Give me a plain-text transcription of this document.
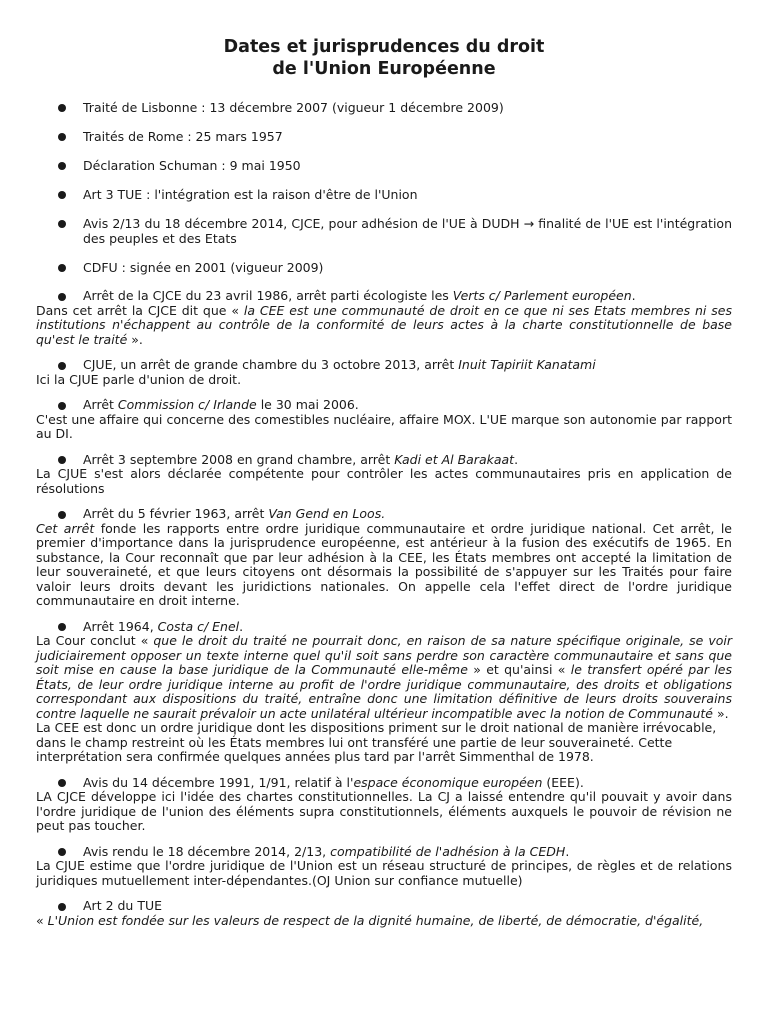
Dates et jurisprudences du droit
de l'Union Européenne
Traité de Lisbonne : 13 décembre 2007 (vigueur 1 décembre 2009)
Traités de Rome : 25 mars 1957
Déclaration Schuman : 9 mai 1950
Art 3 TUE : l'intégration est la raison d'être de l'Union
Avis 2/13 du 18 décembre 2014, CJCE, pour adhésion de l'UE à DUDH → finalité de l'UE est l'intégration des peuples et des Etats
CDFU : signée en 2001 (vigueur 2009)
Arrêt de la CJCE du 23 avril 1986, arrêt parti écologiste les Verts c/ Parlement européen.
Dans cet arrêt la CJCE dit que « la CEE est une communauté de droit en ce que ni ses Etats membres ni ses institutions n'échappent au contrôle de la conformité de leurs actes à la charte constitutionnelle de base qu'est le traité ».
CJUE, un arrêt de grande chambre du 3 octobre 2013, arrêt Inuit Tapiriit Kanatami
Ici la CJUE parle d'union de droit.
Arrêt Commission c/ Irlande le 30 mai 2006.
C'est une affaire qui concerne des comestibles nucléaire, affaire MOX. L'UE marque son autonomie par rapport au DI.
Arrêt 3 septembre 2008 en grand chambre, arrêt Kadi et Al Barakaat.
La CJUE s'est alors déclarée compétente pour contrôler les actes communautaires pris en application de résolutions
Arrêt du 5 février 1963, arrêt Van Gend en Loos.
Cet arrêt fonde les rapports entre ordre juridique communautaire et ordre juridique national. Cet arrêt, le premier d'importance dans la jurisprudence européenne, est antérieur à la fusion des exécutifs de 1965. En substance, la Cour reconnaît que par leur adhésion à la CEE, les États membres ont accepté la limitation de leur souveraineté, et que leurs citoyens ont désormais la possibilité de s'appuyer sur les Traités pour faire valoir leurs droits devant les juridictions nationales. On appelle cela l'effet direct de l'ordre juridique communautaire en droit interne.
Arrêt 1964, Costa c/ Enel.
La Cour conclut « que le droit du traité ne pourrait donc, en raison de sa nature spécifique originale, se voir judiciairement opposer un texte interne quel qu'il soit sans perdre son caractère communautaire et sans que soit mise en cause la base juridique de la Communauté elle-même » et qu'ainsi « le transfert opéré par les États, de leur ordre juridique interne au profit de l'ordre juridique communautaire, des droits et obligations correspondant aux dispositions du traité, entraîne donc une limitation définitive de leurs droits souverains contre laquelle ne saurait prévaloir un acte unilatéral ultérieur incompatible avec la notion de Communauté ».
La CEE est donc un ordre juridique dont les dispositions priment sur le droit national de manière irrévocable, dans le champ restreint où les États membres lui ont transféré une partie de leur souveraineté. Cette interprétation sera confirmée quelques années plus tard par l'arrêt Simmenthal de 1978.
Avis du 14 décembre 1991, 1/91, relatif à l'espace économique européen (EEE).
LA CJCE développe ici l'idée des chartes constitutionnelles. La CJ a laissé entendre qu'il pouvait y avoir dans l'ordre juridique de l'union des éléments supra constitutionnels, éléments auxquels le pouvoir de révision ne peut pas toucher.
Avis rendu le 18 décembre 2014, 2/13, compatibilité de l'adhésion à la CEDH.
La CJUE estime que l'ordre juridique de l'Union est un réseau structuré de principes, de règles et de relations juridiques mutuellement inter-dépendantes.(OJ Union sur confiance mutuelle)
Art 2 du TUE
« L'Union est fondée sur les valeurs de respect de la dignité humaine, de liberté, de démocratie, d'égalité,
